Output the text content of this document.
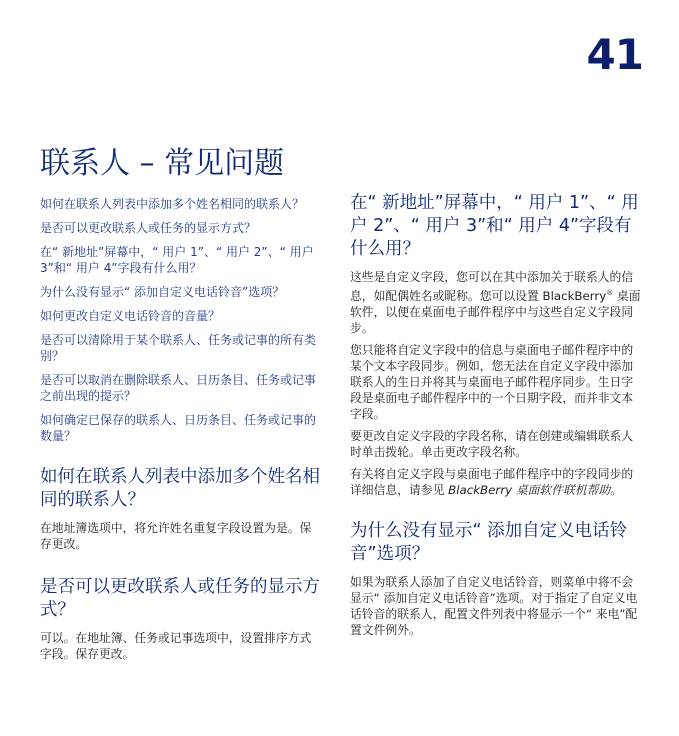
41
联系人 – 常见问题

如何在联系人列表中添加多个姓名相同的联系人？

是否可以更改联系人或任务的显示方式？

在“ 新地址”屏幕中，“ 用户 1”、“ 用户 2”、“ 用户 3”和“ 用户 4”字段有什么用？

为什么没有显示“ 添加自定义电话铃音”选项？

如何更改自定义电话铃音的音量？

是否可以清除用于某个联系人、任务或记事的所有类别？

是否可以取消在删除联系人、日历条目、任务或记事之前出现的提示？

如何确定已保存的联系人、日历条目、任务或记事的数量？

如何在联系人列表中添加多个姓名相同的联系人？

在地址簿选项中，将允许姓名重复字段设置为是。保存更改。

是否可以更改联系人或任务的显示方式？

可以。在地址簿、任务或记事选项中，设置排序方式字段。保存更改。

在“ 新地址”屏幕中，“ 用户 1”、“ 用户 2”、“ 用户 3”和“ 用户 4”字段有什么用？

这些是自定义字段，您可以在其中添加关于联系人的信息，如配偶姓名或昵称。您可以设置 BlackBerry® 桌面软件，以便在桌面电子邮件程序中与这些自定义字段同步。

您只能将自定义字段中的信息与桌面电子邮件程序中的某个文本字段同步。例如，您无法在自定义字段中添加联系人的生日并将其与桌面电子邮件程序同步。生日字段是桌面电子邮件程序中的一个日期字段，而并非文本字段。

要更改自定义字段的字段名称，请在创建或编辑联系人时单击拨轮。单击更改字段名称。

有关将自定义字段与桌面电子邮件程序中的字段同步的详细信息，请参见 BlackBerry 桌面软件联机帮助。

为什么没有显示“ 添加自定义电话铃音”选项？

如果为联系人添加了自定义电话铃音，则菜单中将不会显示“ 添加自定义电话铃音”选项。对于指定了自定义电话铃音的联系人，配置文件列表中将显示一个“ 来电”配置文件例外。
